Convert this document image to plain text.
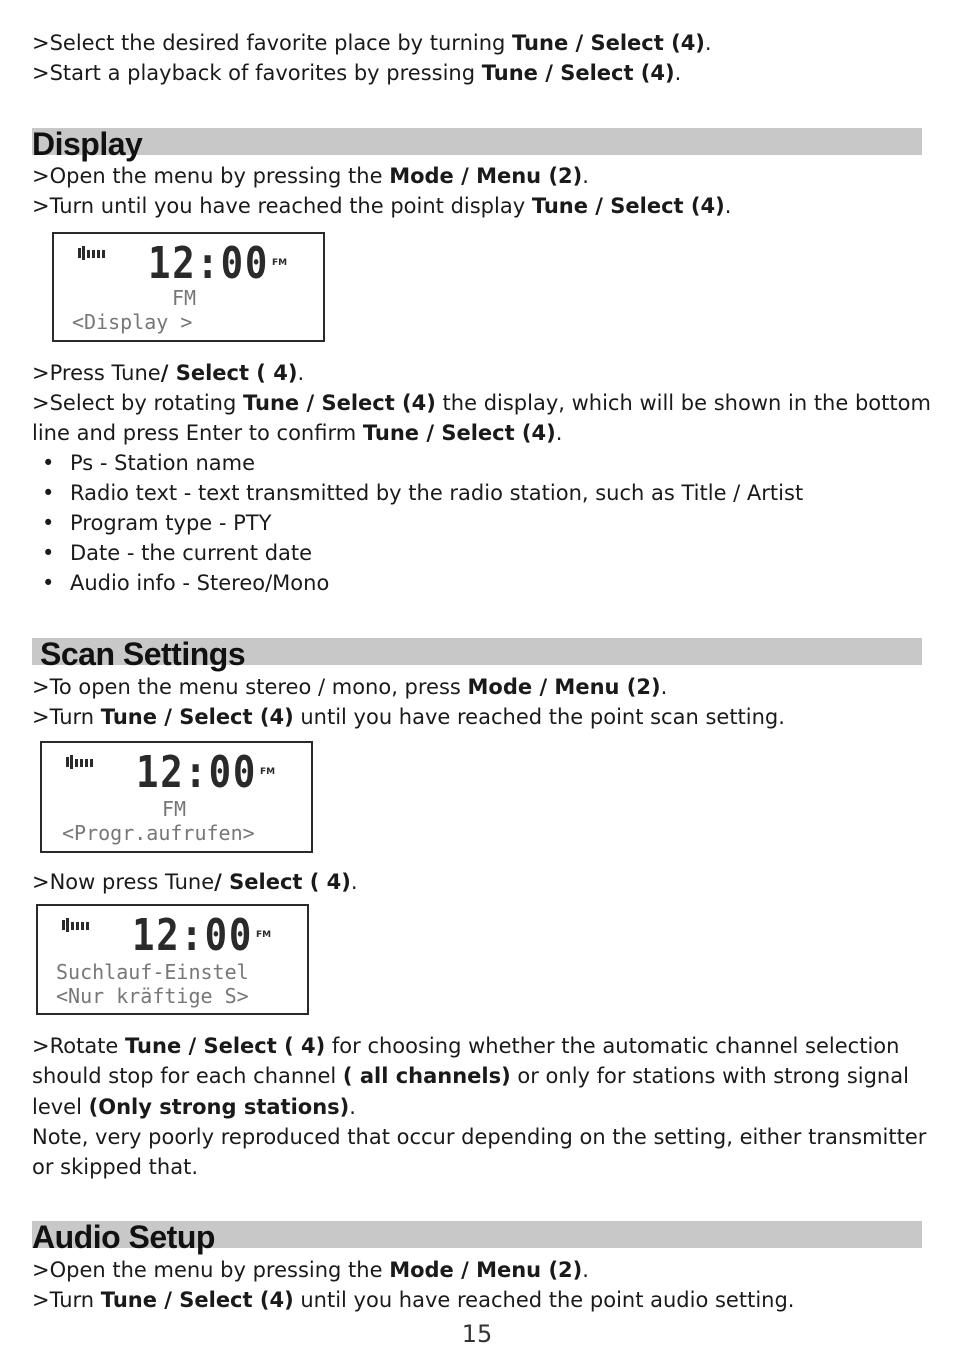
>Select the desired favorite place by turning Tune / Select (4).
>Start a playback of favorites by pressing Tune / Select (4).
Display
>Open the menu by pressing the Mode / Menu (2).
>Turn until you have reached the point display Tune / Select (4).
12:00 FM
FM
<Display >
>Press Tune/ Select ( 4).
>Select by rotating Tune / Select (4) the display, which will be shown in the bottom
line and press Enter to confirm Tune / Select (4).
Ps - Station name
Radio text - text transmitted by the radio station, such as Title / Artist
Program type - PTY
Date - the current date
Audio info - Stereo/Mono
Scan Settings
>To open the menu stereo / mono, press Mode / Menu (2).
>Turn Tune / Select (4) until you have reached the point scan setting.
12:00 FM
FM
<Progr.aufrufen>
>Now press Tune/ Select ( 4).
12:00 FM
Suchlauf-Einstel
<Nur kräftige S>
>Rotate Tune / Select ( 4) for choosing whether the automatic channel selection
should stop for each channel ( all channels) or only for stations with strong signal
level (Only strong stations).
Note, very poorly reproduced that occur depending on the setting, either transmitter
or skipped that.
Audio Setup
>Open the menu by pressing the Mode / Menu (2).
>Turn Tune / Select (4) until you have reached the point audio setting.
15
